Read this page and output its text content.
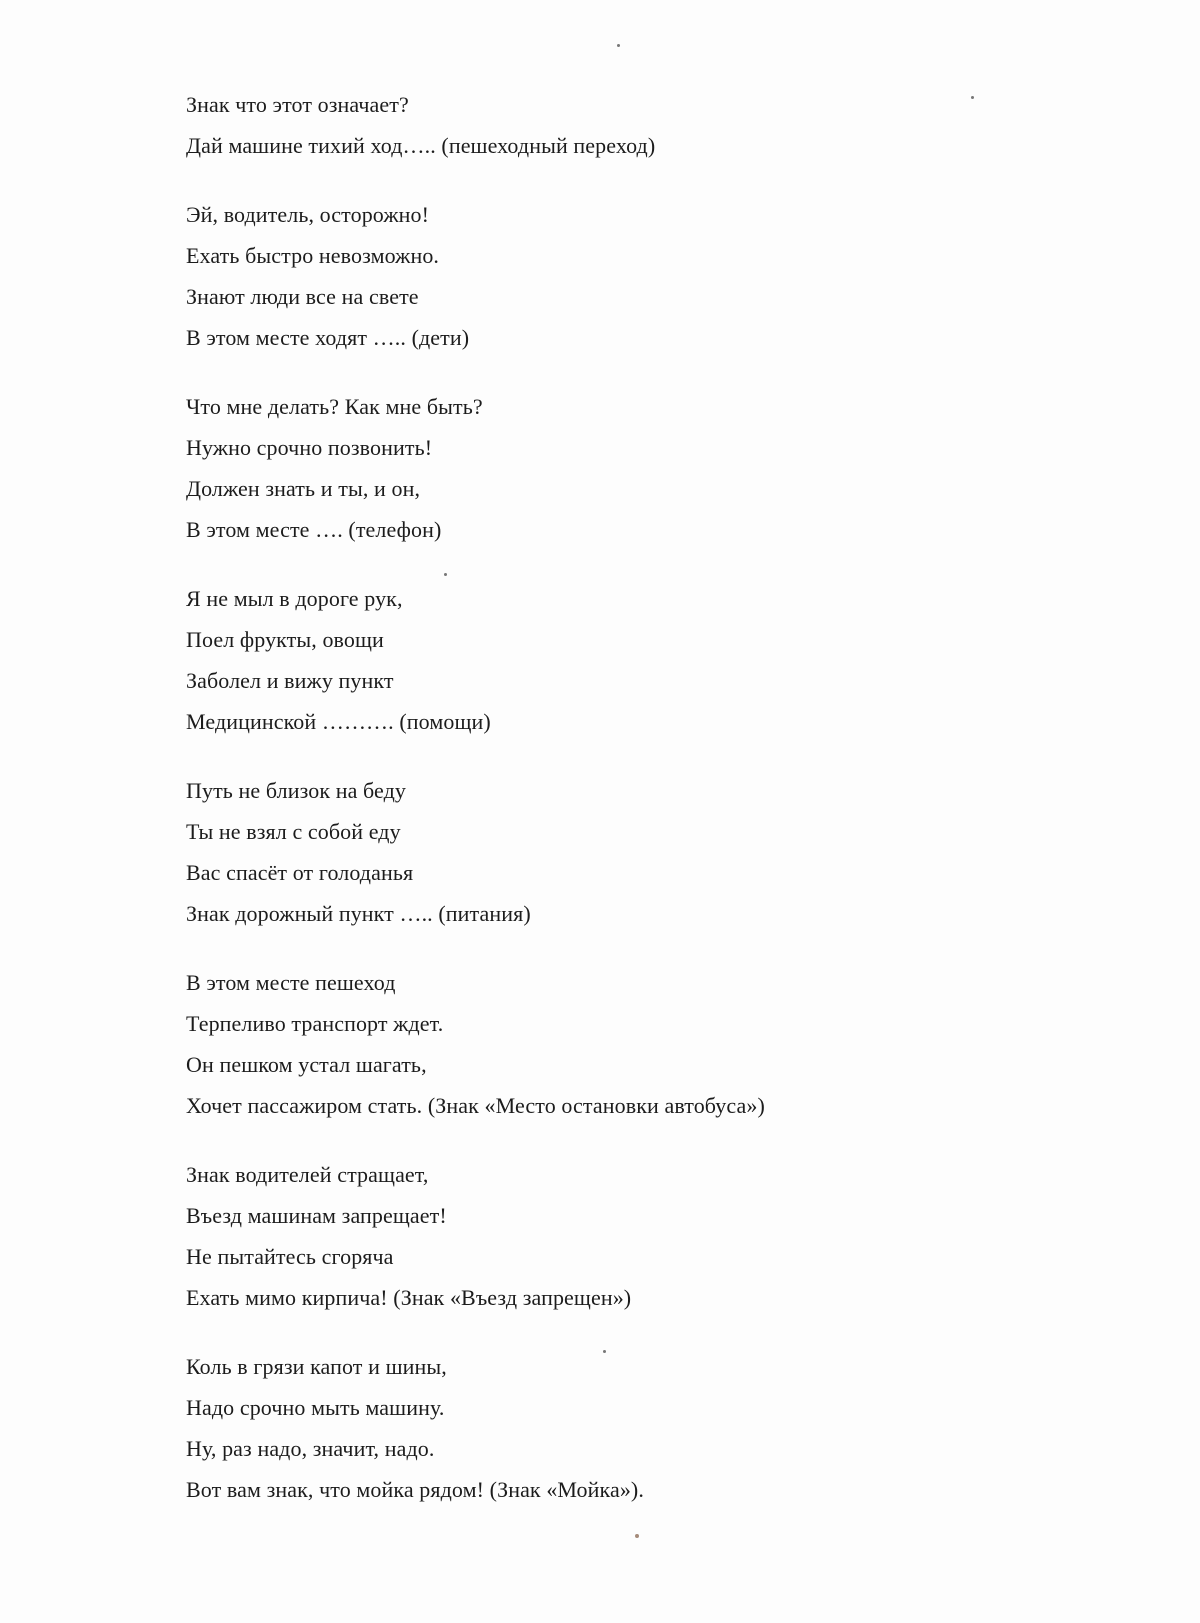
Знак что этот означает?
Дай машине тихий ход….. (пешеходный переход)
Эй, водитель, осторожно!
Ехать быстро невозможно.
Знают люди все на свете
В этом месте ходят ….. (дети)
Что мне делать? Как мне быть?
Нужно срочно позвонить!
Должен знать и ты, и он,
В этом месте …. (телефон)
Я не мыл в дороге рук,
Поел фрукты, овощи
Заболел и вижу пункт
Медицинской ………. (помощи)
Путь не близок на беду
Ты не взял с собой еду
Вас спасёт от голоданья
Знак дорожный пункт ….. (питания)
В этом месте пешеход
Терпеливо транспорт ждет.
Он пешком устал шагать,
Хочет пассажиром стать. (Знак «Место остановки автобуса»)
Знак водителей стращает,
Въезд машинам запрещает!
Не пытайтесь сгоряча
Ехать мимо кирпича! (Знак «Въезд запрещен»)
Коль в грязи капот и шины,
Надо срочно мыть машину.
Ну, раз надо, значит, надо.
Вот вам знак, что мойка рядом! (Знак «Мойка»).
